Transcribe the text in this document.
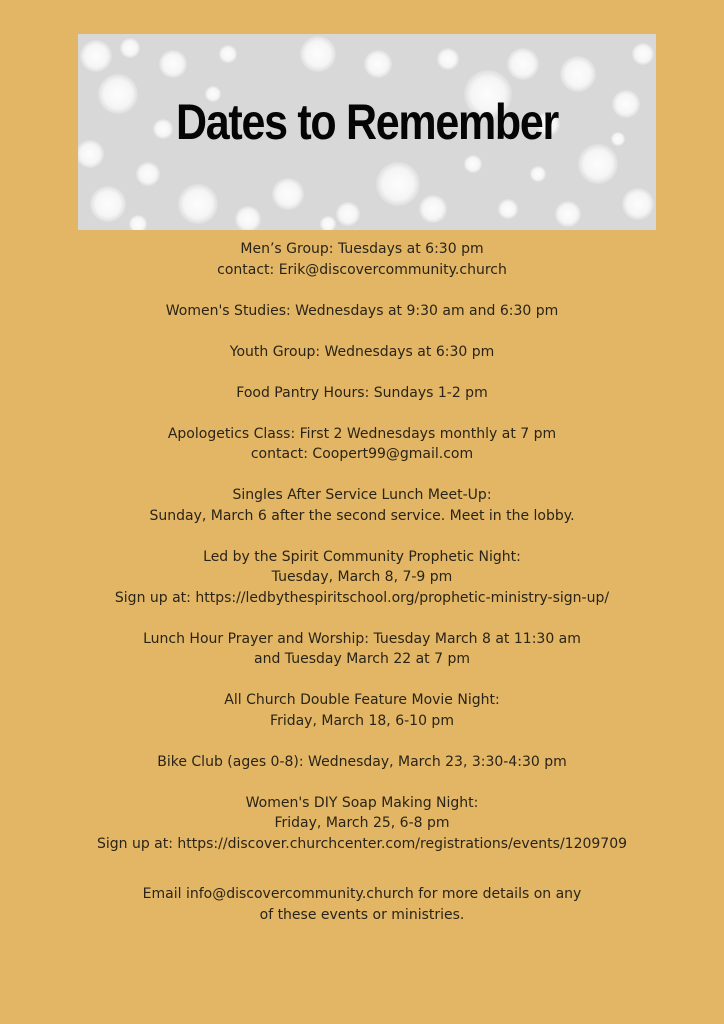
Dates to Remember
Men’s Group: Tuesdays at 6:30 pm
contact: Erik@discovercommunity.church
Women's Studies: Wednesdays at 9:30 am and 6:30 pm
Youth Group: Wednesdays at 6:30 pm
Food Pantry Hours: Sundays 1-2 pm
Apologetics Class: First 2 Wednesdays monthly at 7 pm
contact: Coopert99@gmail.com
Singles After Service Lunch Meet-Up:
Sunday, March 6 after the second service. Meet in the lobby.
Led by the Spirit Community Prophetic Night:
Tuesday, March 8, 7-9 pm
Sign up at: https://ledbythespiritschool.org/prophetic-ministry-sign-up/
Lunch Hour Prayer and Worship: Tuesday March 8 at 11:30 am
and Tuesday March 22 at 7 pm
All Church Double Feature Movie Night:
Friday, March 18, 6-10 pm
Bike Club (ages 0-8): Wednesday, March 23, 3:30-4:30 pm
Women's DIY Soap Making Night:
Friday, March 25, 6-8 pm
Sign up at: https://discover.churchcenter.com/registrations/events/1209709
Email info@discovercommunity.church for more details on any
of these events or ministries.
